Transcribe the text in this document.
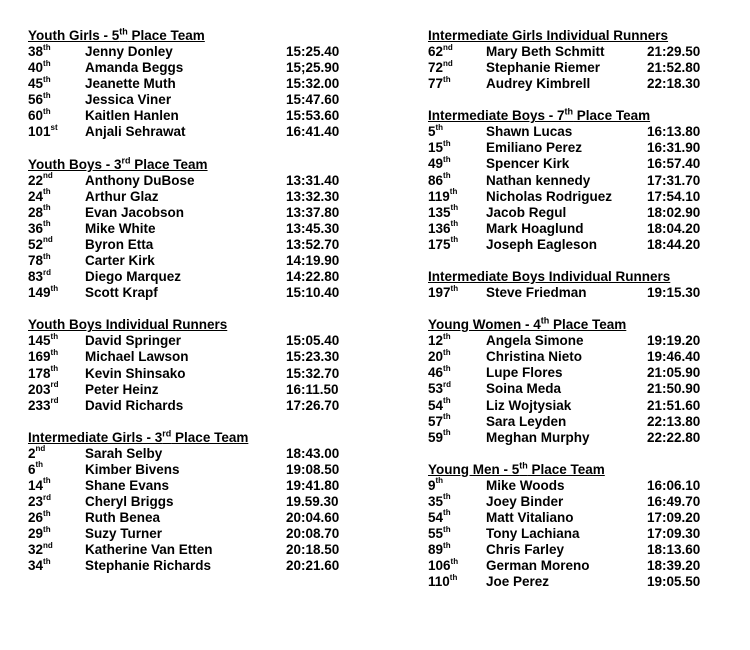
Youth Girls - 5th Place Team
38th	Jenny Donley	15:25.40
40th	Amanda Beggs	15;25.90
45th	Jeanette Muth	15:32.00
56th	Jessica Viner	15:47.60
60th	Kaitlen Hanlen	15:53.60
101st Anjali Sehrawat	16:41.40
Youth Boys - 3rd Place Team
22nd Anthony DuBose	13:31.40
24th	Arthur Glaz	13:32.30
28th	Evan Jacobson	13:37.80
36th	Mike White	13:45.30
52nd Byron Etta	13:52.70
78th	Carter Kirk	14:19.90
83rd	Diego Marquez	14:22.80
149th Scott Krapf	15:10.40
Youth Boys Individual Runners
145th David Springer	15:05.40
169th Michael Lawson	15:23.30
178th Kevin Shinsako	15:32.70
203rd Peter Heinz	16:11.50
233rd David Richards	17:26.70
Intermediate Girls - 3rd Place Team
2nd	Sarah Selby	18:43.00
6th	Kimber Bivens	19:08.50
14th	Shane Evans	19:41.80
23rd	Cheryl Briggs	19.59.30
26th	Ruth Benea	20:04.60
29th	Suzy Turner	20:08.70
32nd Katherine Van Etten	20:18.50
34th	Stephanie Richards	20:21.60
Intermediate Girls Individual Runners
62nd Mary Beth Schmitt	21:29.50
72nd Stephanie Riemer	21:52.80
77th	Audrey Kimbrell	22:18.30
Intermediate Boys - 7th Place Team
5th	Shawn Lucas	16:13.80
15th	Emiliano Perez	16:31.90
49th	Spencer Kirk	16:57.40
86th	Nathan kennedy	17:31.70
119th Nicholas Rodriguez	17:54.10
135th Jacob Regul	18:02.90
136th Mark Hoaglund	18:04.20
175th Joseph Eagleson	18:44.20
Intermediate Boys Individual Runners
197th Steve Friedman	19:15.30
Young Women - 4th Place Team
12th	Angela Simone	19:19.20
20th	Christina Nieto	19:46.40
46th	Lupe Flores	21:05.90
53rd	Soina Meda	21:50.90
54th	Liz Wojtysiak	21:51.60
57th	Sara Leyden	22:13.80
59th	Meghan Murphy	22:22.80
Young Men - 5th Place Team
9th	Mike Woods	16:06.10
35th	Joey Binder	16:49.70
54th	Matt Vitaliano	17:09.20
55th	Tony Lachiana	17:09.30
89th	Chris Farley	18:13.60
106th German Moreno	18:39.20
110th Joe Perez	19:05.50
